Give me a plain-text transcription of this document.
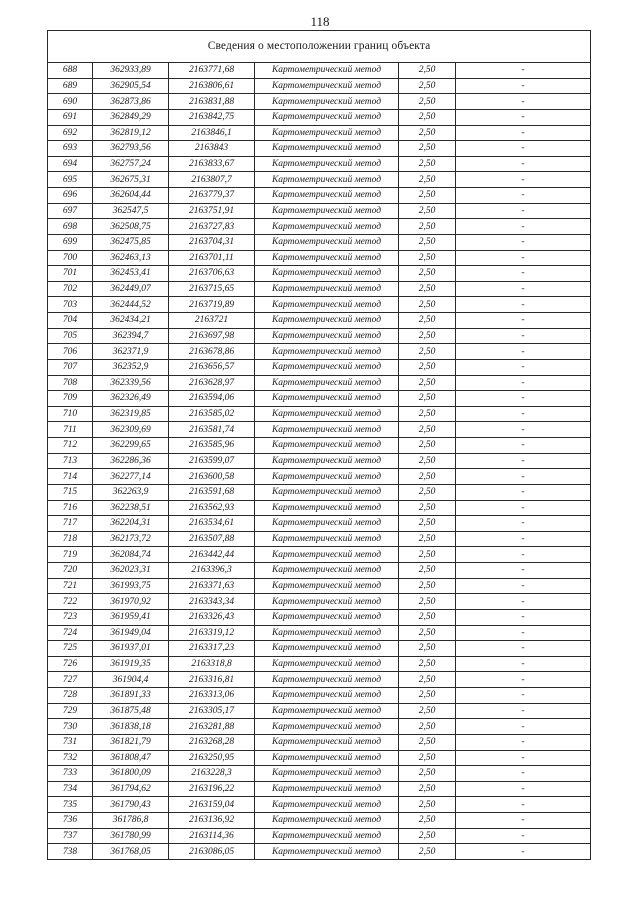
118
Сведения о местоположении границ объекта					
688	362933,89	2163771,68	Картометрический метод	2,50	-
689	362905,54	2163806,61	Картометрический метод	2,50	-
690	362873,86	2163831,88	Картометрический метод	2,50	-
691	362849,29	2163842,75	Картометрический метод	2,50	-
692	362819,12	2163846,1	Картометрический метод	2,50	-
693	362793,56	2163843	Картометрический метод	2,50	-
694	362757,24	2163833,67	Картометрический метод	2,50	-
695	362675,31	2163807,7	Картометрический метод	2,50	-
696	362604,44	2163779,37	Картометрический метод	2,50	-
697	362547,5	2163751,91	Картометрический метод	2,50	-
698	362508,75	2163727,83	Картометрический метод	2,50	-
699	362475,85	2163704,31	Картометрический метод	2,50	-
700	362463,13	2163701,11	Картометрический метод	2,50	-
701	362453,41	2163706,63	Картометрический метод	2,50	-
702	362449,07	2163715,65	Картометрический метод	2,50	-
703	362444,52	2163719,89	Картометрический метод	2,50	-
704	362434,21	2163721	Картометрический метод	2,50	-
705	362394,7	2163697,98	Картометрический метод	2,50	-
706	362371,9	2163678,86	Картометрический метод	2,50	-
707	362352,9	2163656,57	Картометрический метод	2,50	-
708	362339,56	2163628,97	Картометрический метод	2,50	-
709	362326,49	2163594,06	Картометрический метод	2,50	-
710	362319,85	2163585,02	Картометрический метод	2,50	-
711	362309,69	2163581,74	Картометрический метод	2,50	-
712	362299,65	2163585,96	Картометрический метод	2,50	-
713	362286,36	2163599,07	Картометрический метод	2,50	-
714	362277,14	2163600,58	Картометрический метод	2,50	-
715	362263,9	2163591,68	Картометрический метод	2,50	-
716	362238,51	2163562,93	Картометрический метод	2,50	-
717	362204,31	2163534,61	Картометрический метод	2,50	-
718	362173,72	2163507,88	Картометрический метод	2,50	-
719	362084,74	2163442,44	Картометрический метод	2,50	-
720	362023,31	2163396,3	Картометрический метод	2,50	-
721	361993,75	2163371,63	Картометрический метод	2,50	-
722	361970,92	2163343,34	Картометрический метод	2,50	-
723	361959,41	2163326,43	Картометрический метод	2,50	-
724	361949,04	2163319,12	Картометрический метод	2,50	-
725	361937,01	2163317,23	Картометрический метод	2,50	-
726	361919,35	2163318,8	Картометрический метод	2,50	-
727	361904,4	2163316,81	Картометрический метод	2,50	-
728	361891,33	2163313,06	Картометрический метод	2,50	-
729	361875,48	2163305,17	Картометрический метод	2,50	-
730	361838,18	2163281,88	Картометрический метод	2,50	-
731	361821,79	2163268,28	Картометрический метод	2,50	-
732	361808,47	2163250,95	Картометрический метод	2,50	-
733	361800,09	2163228,3	Картометрический метод	2,50	-
734	361794,62	2163196,22	Картометрический метод	2,50	-
735	361790,43	2163159,04	Картометрический метод	2,50	-
736	361786,8	2163136,92	Картометрический метод	2,50	-
737	361780,99	2163114,36	Картометрический метод	2,50	-
738	361768,05	2163086,05	Картометрический метод	2,50	-
